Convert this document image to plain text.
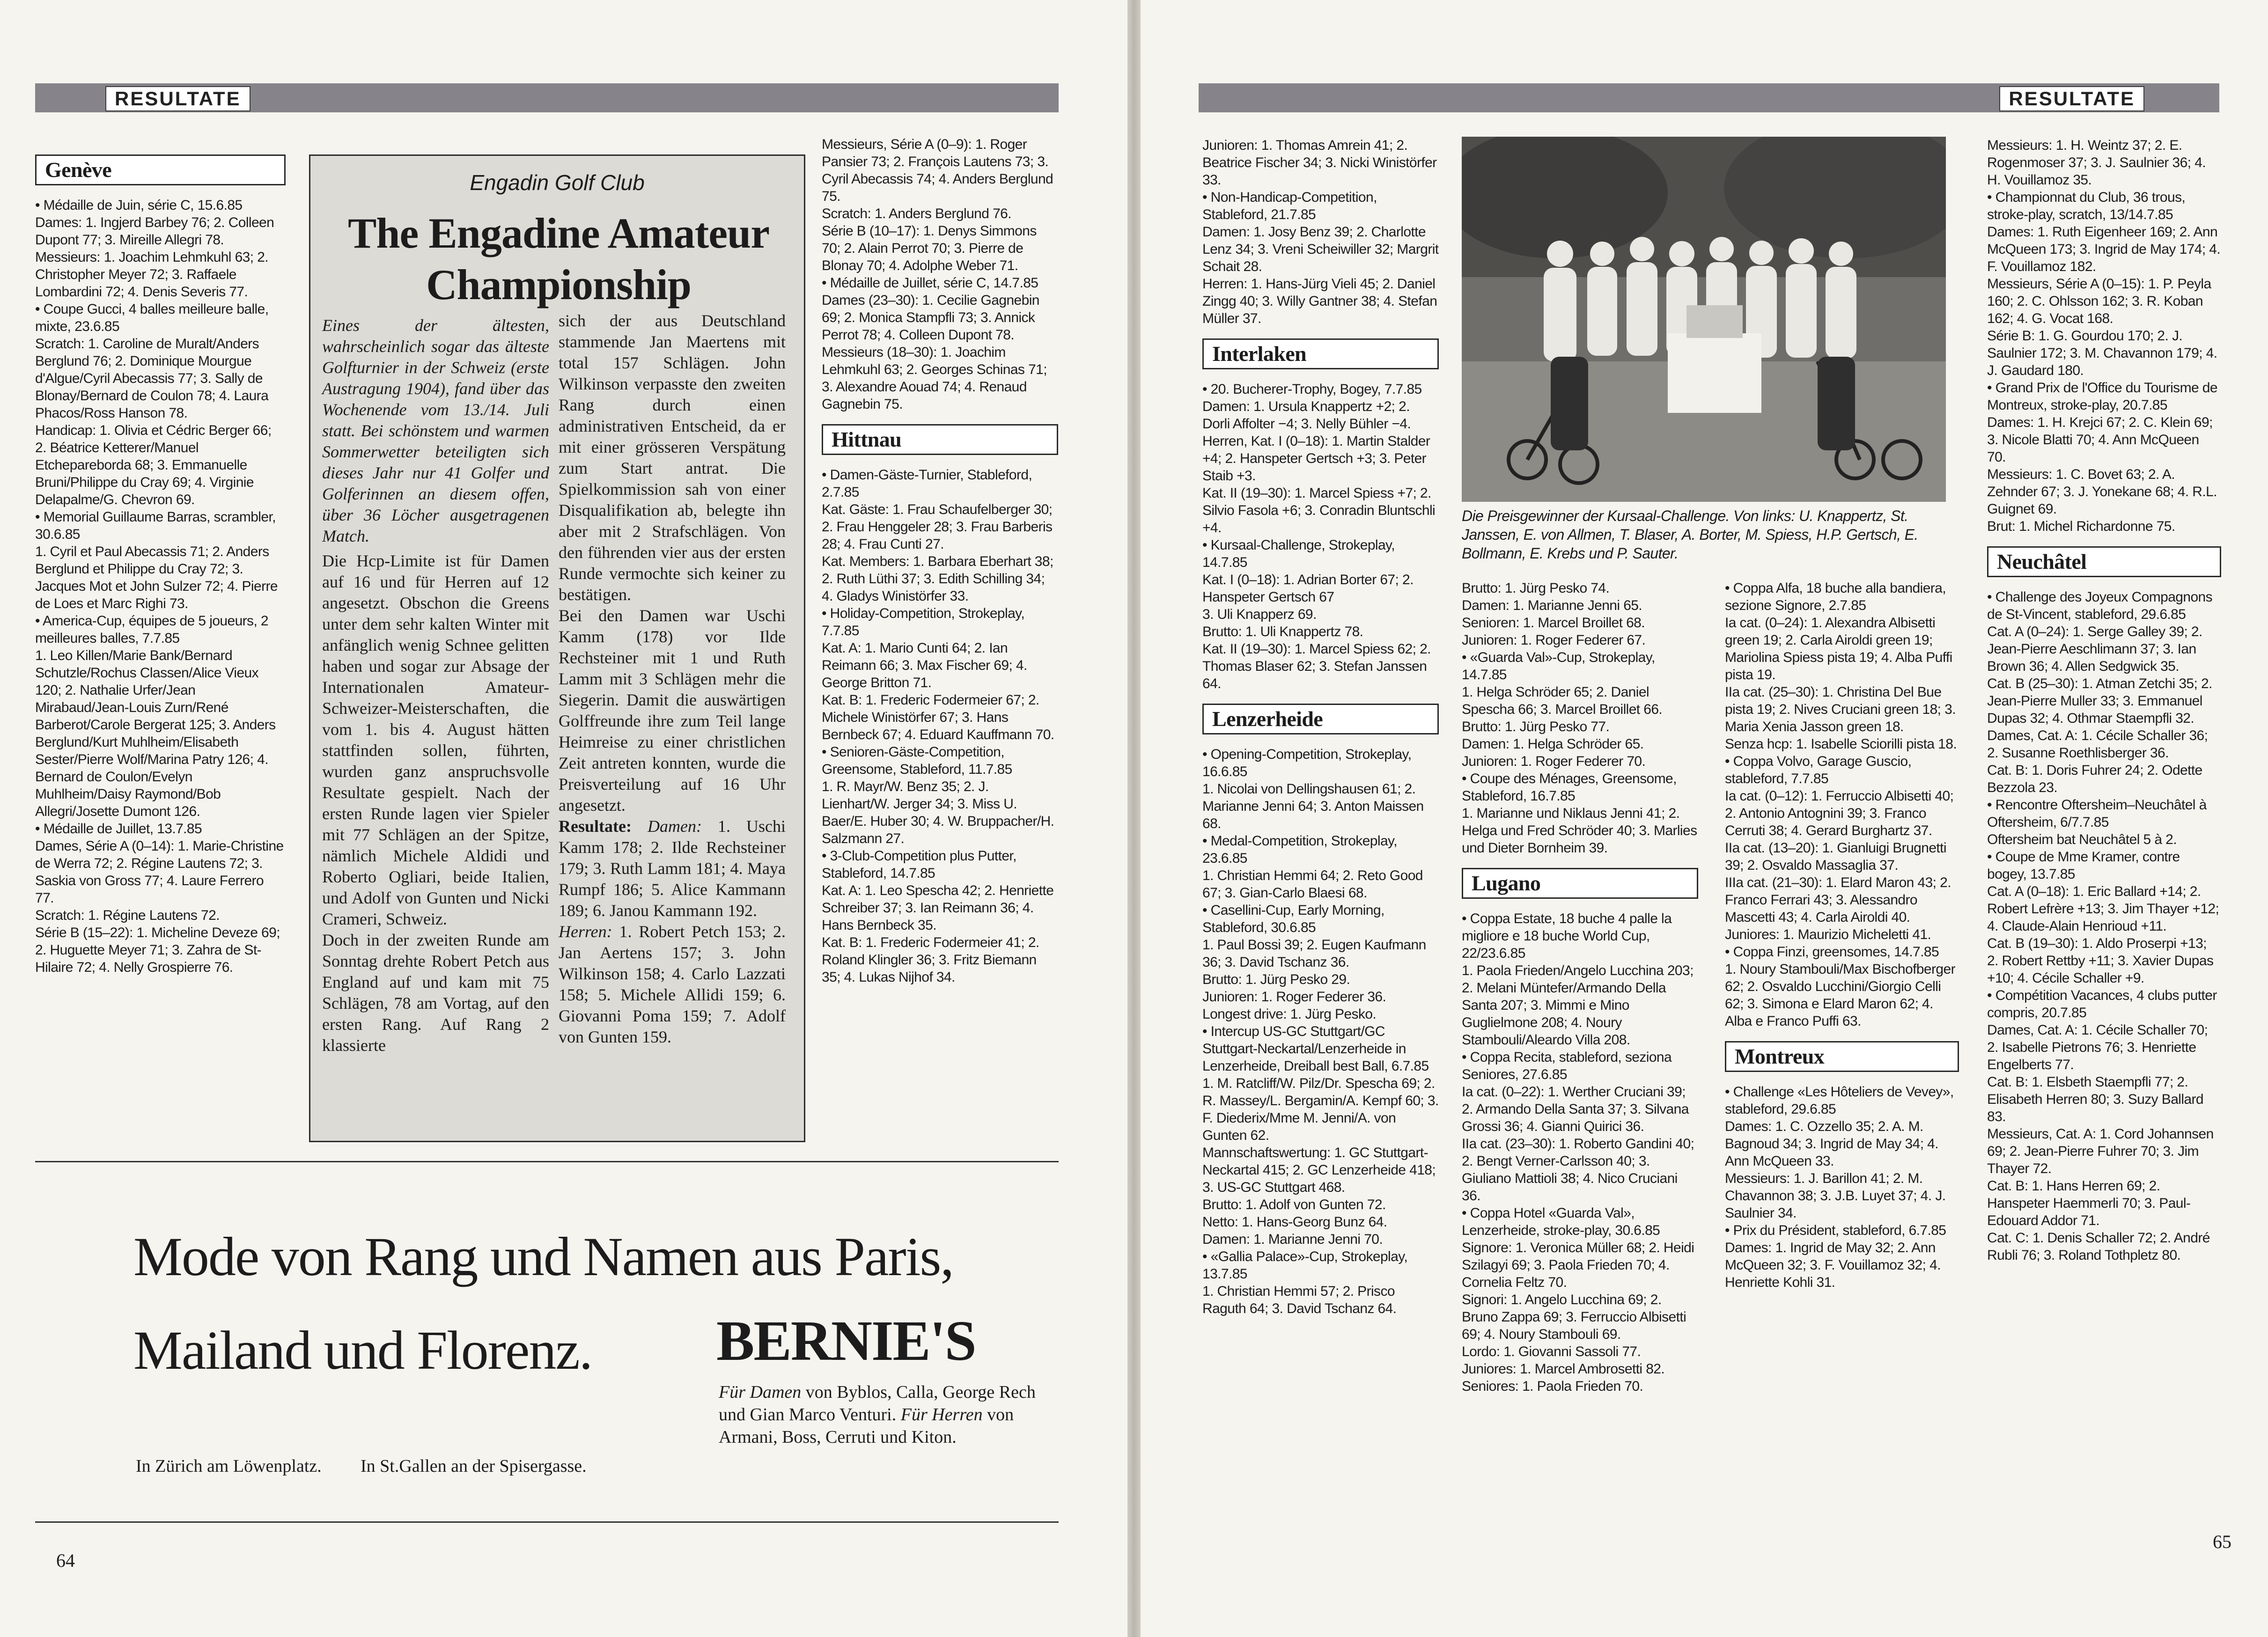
RESULTATE
Genève

• Médaille de Juin, série C, 15.6.85

Dames: 1. Ingjerd Barbey 76; 2. Colleen Dupont 77; 3. Mireille Allegri 78.

Messieurs: 1. Joachim Lehmkuhl 63; 2. Christopher Meyer 72; 3. Raffaele Lombardini 72; 4. Denis Severis 77.

• Coupe Gucci, 4 balles meilleure balle, mixte, 23.6.85

Scratch: 1. Caroline de Muralt/Anders Berglund 76; 2. Dominique Mourgue d'Algue/Cyril Abecassis 77; 3. Sally de Blonay/Bernard de Coulon 78; 4. Laura Phacos/Ross Hanson 78.

Handicap: 1. Olivia et Cédric Berger 66; 2. Béatrice Ketterer/Manuel Etcheparebordа 68; 3. Emmanuelle Bruni/Philippe du Cray 69; 4. Virginie Delapalme/G. Chevron 69.

• Memorial Guillaume Barras, scrambler, 30.6.85

1. Cyril et Paul Abecassis 71; 2. Anders Berglund et Philippe du Cray 72; 3. Jacques Mot et John Sulzer 72; 4. Pierre de Loes et Marc Righi 73.

• America-Cup, équipes de 5 joueurs, 2 meilleures balles, 7.7.85

1. Leo Killen/Marie Bank/Bernard Schutzle/Rochus Classen/Alice Vieux 120; 2. Nathalie Urfer/Jean Mirabaud/Jean-Louis Zurn/René Barberot/Carole Bergerat 125; 3. Anders Berglund/Kurt Muhlheim/Elisabeth Sester/Pierre Wolf/Marina Patry 126; 4. Bernard de Coulon/Evelyn Muhlheim/Daisy Raymond/Bob Allegri/Josette Dumont 126.

• Médaille de Juillet, 13.7.85

Dames, Série A (0–14): 1. Marie-Christine de Werra 72; 2. Régine Lautens 72; 3. Saskia von Gross 77; 4. Laure Ferrero 77.

Scratch: 1. Régine Lautens 72.

Série B (15–22): 1. Micheline Deveze 69; 2. Huguette Meyer 71; 3. Zahra de St-Hilaire 72; 4. Nelly Grospierre 76.

Engadin Golf Club
The Engadine Amateur Championship

Eines der ältesten, wahrscheinlich sogar das älteste Golfturnier in der Schweiz (erste Austragung 1904), fand über das Wochenende vom 13./14. Juli statt. Bei schönstem und warmen Sommerwetter beteiligten sich dieses Jahr nur 41 Golfer und Golferinnen an diesem offen, über 36 Löcher ausgetragenen Match.

Die Hcp-Limite ist für Damen auf 16 und für Herren auf 12 angesetzt. Obschon die Greens unter dem sehr kalten Winter mit anfänglich wenig Schnee gelitten haben und sogar zur Absage der Internationalen Amateur-Schweizer-Meisterschaften, die vom 1. bis 4. August hätten stattfinden sollen, führten, wurden ganz anspruchsvolle Resultate gespielt. Nach der ersten Runde lagen vier Spieler mit 77 Schlägen an der Spitze, nämlich Michele Aldidi und Roberto Ogliari, beide Italien, und Adolf von Gunten und Nicki Crameri, Schweiz.

Doch in der zweiten Runde am Sonntag drehte Robert Petch aus England auf und kam mit 75 Schlägen, 78 am Vortag, auf den ersten Rang. Auf Rang 2 klassierte

sich der aus Deutschland stammende Jan Maertens mit total 157 Schlägen. John Wilkinson verpasste den zweiten Rang durch einen administrativen Entscheid, da er mit einer grösseren Verspätung zum Start antrat. Die Spielkommission sah von einer Disqualifikation ab, belegte ihn aber mit 2 Strafschlägen. Von den führenden vier aus der ersten Runde vermochte sich keiner zu bestätigen.

Bei den Damen war Uschi Kamm (178) vor Ilde Rechsteiner mit 1 und Ruth Lamm mit 3 Schlägen mehr die Siegerin. Damit die auswärtigen Golffreunde ihre zum Teil lange Heimreise zu einer christlichen Zeit antreten konnten, wurde die Preisverteilung auf 16 Uhr angesetzt.

Resultate: Damen: 1. Uschi Kamm 178; 2. Ilde Rechsteiner 179; 3. Ruth Lamm 181; 4. Maya Rumpf 186; 5. Alice Kammann 189; 6. Janou Kammann 192.

Herren: 1. Robert Petch 153; 2. Jan Aertens 157; 3. John Wilkinson 158; 4. Carlo Lazzati 158; 5. Michele Allidi 159; 6. Giovanni Poma 159; 7. Adolf von Gunten 159.

Messieurs, Série A (0–9): 1. Roger Pansier 73; 2. François Lautens 73; 3. Cyril Abecassis 74; 4. Anders Berglund 75.

Scratch: 1. Anders Berglund 76.

Série B (10–17): 1. Denys Simmons 70; 2. Alain Perrot 70; 3. Pierre de Blonay 70; 4. Adolphe Weber 71.

• Médaille de Juillet, série C, 14.7.85

Dames (23–30): 1. Cecilie Gagnebin 69; 2. Monica Stampfli 73; 3. Annick Perrot 78; 4. Colleen Dupont 78.

Messieurs (18–30): 1. Joachim Lehmkuhl 63; 2. Georges Schinas 71; 3. Alexandre Aouad 74; 4. Renaud Gagnebin 75.

Hittnau

• Damen-Gäste-Turnier, Stableford, 2.7.85

Kat. Gäste: 1. Frau Schaufelberger 30; 2. Frau Henggeler 28; 3. Frau Barberis 28; 4. Frau Cunti 27.

Kat. Members: 1. Barbara Eberhart 38; 2. Ruth Lüthi 37; 3. Edith Schilling 34; 4. Gladys Winistörfer 33.

• Holiday-Competition, Strokeplay, 7.7.85

Kat. A: 1. Mario Cunti 64; 2. Ian Reimann 66; 3. Max Fischer 69; 4. George Britton 71.

Kat. B: 1. Frederic Fodermeier 67; 2. Michele Winistörfer 67; 3. Hans Bernbeck 67; 4. Eduard Kauffmann 70.

• Senioren-Gäste-Competition, Greensome, Stableford, 11.7.85

1. R. Mayr/W. Benz 35; 2. J. Lienhart/W. Jerger 34; 3. Miss U. Baer/E. Huber 30; 4. W. Bruppacher/H. Salzmann 27.

• 3-Club-Competition plus Putter, Stableford, 14.7.85

Kat. A: 1. Leo Spescha 42; 2. Henriette Schreiber 37; 3. Ian Reimann 36; 4. Hans Bernbeck 35.

Kat. B: 1. Frederic Fodermeier 41; 2. Roland Klingler 36; 3. Fritz Biemann 35; 4. Lukas Nijhof 34.

Mode von Rang und Namen aus Paris,
Mailand und Florenz. BERNIE'S
Für Damen von Byblos, Calla, George Rech und Gian Marco Venturi. Für Herren von Armani, Boss, Cerruti und Kiton.
In Zürich am Löwenplatz. In St.Gallen an der Spisergasse.
64
RESULTATE

Junioren: 1. Thomas Amrein 41; 2. Beatrice Fischer 34; 3. Nicki Winistörfer 33.

• Non-Handicap-Competition, Stableford, 21.7.85

Damen: 1. Josy Benz 39; 2. Charlotte Lenz 34; 3. Vreni Scheiwiller 32; Margrit Schait 28.

Herren: 1. Hans-Jürg Vieli 45; 2. Daniel Zingg 40; 3. Willy Gantner 38; 4. Stefan Müller 37.

Interlaken

• 20. Bucherer-Trophy, Bogey, 7.7.85

Damen: 1. Ursula Knappertz +2; 2. Dorli Affolter −4; 3. Nelly Bühler −4.

Herren, Kat. I (0–18): 1. Martin Stalder +4; 2. Hanspeter Gertsch +3; 3. Peter Staib +3.

Kat. II (19–30): 1. Marcel Spiess +7; 2. Silvio Fasola +6; 3. Conradin Bluntschli +4.

• Kursaal-Challenge, Strokeplay, 14.7.85

Kat. I (0–18): 1. Adrian Borter 67; 2. Hanspeter Gertsch 67

3. Uli Knapperz 69.

Brutto: 1. Uli Knappertz 78.

Kat. II (19–30): 1. Marcel Spiess 62; 2. Thomas Blaser 62; 3. Stefan Janssen 64.

Lenzerheide

• Opening-Competition, Strokeplay, 16.6.85

1. Nicolai von Dellingshausen 61; 2. Marianne Jenni 64; 3. Anton Maissen 68.

• Medal-Competition, Strokeplay, 23.6.85

1. Christian Hemmi 64; 2. Reto Good 67; 3. Gian-Carlo Blaesi 68.

• Casellini-Cup, Early Morning, Stableford, 30.6.85

1. Paul Bossi 39; 2. Eugen Kaufmann 36; 3. David Tschanz 36.

Brutto: 1. Jürg Pesko 29.

Junioren: 1. Roger Federer 36.

Longest drive: 1. Jürg Pesko.

• Intercup US-GC Stuttgart/GC Stuttgart-Neckartal/Lenzerheide in Lenzerheide, Dreiball best Ball, 6.7.85

1. M. Ratcliff/W. Pilz/Dr. Spescha 69; 2. R. Massey/L. Bergamin/A. Kempf 60; 3. F. Diederix/Mme M. Jenni/A. von Gunten 62.

Mannschaftswertung: 1. GC Stuttgart-Neckartal 415; 2. GC Lenzerheide 418; 3. US-GC Stuttgart 468.

Brutto: 1. Adolf von Gunten 72.

Netto: 1. Hans-Georg Bunz 64.

Damen: 1. Marianne Jenni 70.

• «Gallia Palace»-Cup, Strokeplay, 13.7.85

1. Christian Hemmi 57; 2. Prisco Raguth 64; 3. David Tschanz 64.

Die Preisgewinner der Kursaal-Challenge. Von links: U. Knappertz, St. Janssen, E. von Allmen, T. Blaser, A. Borter, M. Spiess, H.P. Gertsch, E. Bollmann, E. Krebs und P. Sauter.

Brutto: 1. Jürg Pesko 74.

Damen: 1. Marianne Jenni 65.

Senioren: 1. Marcel Broillet 68.

Junioren: 1. Roger Federer 67.

• «Guarda Val»-Cup, Strokeplay, 14.7.85

1. Helga Schröder 65; 2. Daniel Spescha 66; 3. Marcel Broillet 66.

Brutto: 1. Jürg Pesko 77.

Damen: 1. Helga Schröder 65.

Junioren: 1. Roger Federer 70.

• Coupe des Ménages, Greensome, Stableford, 16.7.85

1. Marianne und Niklaus Jenni 41; 2. Helga und Fred Schröder 40; 3. Marlies und Dieter Bornheim 39.

Lugano

• Coppa Estate, 18 buche 4 palle la migliore e 18 buche World Cup, 22/23.6.85

1. Paola Frieden/Angelo Lucchina 203; 2. Melani Müntefer/Armando Della Santa 207; 3. Mimmi e Mino Guglielmone 208; 4. Noury Stambouli/Aleardo Villa 208.

• Coppa Recita, stableford, seziona Seniores, 27.6.85

Ia cat. (0–22): 1. Werther Cruciani 39; 2. Armando Della Santa 37; 3. Silvana Grossi 36; 4. Gianni Quirici 36.

IIa cat. (23–30): 1. Roberto Gandini 40; 2. Bengt Verner-Carlsson 40; 3. Giuliano Mattioli 38; 4. Nico Cruciani 36.

• Coppa Hotel «Guarda Val», Lenzerheide, stroke-play, 30.6.85

Signore: 1. Veronica Müller 68; 2. Heidi Szilagyi 69; 3. Paola Frieden 70; 4. Cornelia Feltz 70.

Signori: 1. Angelo Lucchina 69; 2. Bruno Zappa 69; 3. Ferruccio Albisetti 69; 4. Noury Stambouli 69.

Lordo: 1. Giovanni Sassoli 77.

Juniores: 1. Marcel Ambrosetti 82.

Seniores: 1. Paola Frieden 70.

• Coppa Alfa, 18 buche alla bandiera, sezione Signore, 2.7.85

Ia cat. (0–24): 1. Alexandra Albisetti green 19; 2. Carla Airoldi green 19; Mariolina Spiess pista 19; 4. Alba Puffi pista 19.

IIa cat. (25–30): 1. Christina Del Bue pista 19; 2. Nives Cruciani green 18; 3. Maria Xenia Jasson green 18.

Senza hcp: 1. Isabelle Sciorilli pista 18.

• Coppa Volvo, Garage Guscio, stableford, 7.7.85

Ia cat. (0–12): 1. Ferruccio Albisetti 40; 2. Antonio Antognini 39; 3. Franco Cerruti 38; 4. Gerard Burghartz 37.

IIa cat. (13–20): 1. Gianluigi Brugnetti 39; 2. Osvaldo Massaglia 37.

IIIa cat. (21–30): 1. Elard Maron 43; 2. Franco Ferrari 43; 3. Alessandro Mascetti 43; 4. Carla Airoldi 40.

Juniores: 1. Maurizio Micheletti 41.

• Coppa Finzi, greensomes, 14.7.85

1. Noury Stambouli/Max Bischofberger 62; 2. Osvaldo Lucchini/Giorgio Celli 62; 3. Simona e Elard Maron 62; 4. Alba e Franco Puffi 63.

Montreux

• Challenge «Les Hôteliers de Vevey», stableford, 29.6.85

Dames: 1. C. Ozzello 35; 2. A. M. Bagnoud 34; 3. Ingrid de May 34; 4. Ann McQueen 33.

Messieurs: 1. J. Barillon 41; 2. M. Chavannon 38; 3. J.B. Luyet 37; 4. J. Saulnier 34.

• Prix du Président, stableford, 6.7.85

Dames: 1. Ingrid de May 32; 2. Ann McQueen 32; 3. F. Vouillamoz 32; 4. Henriette Kohli 31.

Messieurs: 1. H. Weintz 37; 2. E. Rogenmoser 37; 3. J. Saulnier 36; 4. H. Vouillamoz 35.

• Championnat du Club, 36 trous, stroke-play, scratch, 13/14.7.85

Dames: 1. Ruth Eigenheer 169; 2. Ann McQueen 173; 3. Ingrid de May 174; 4. F. Vouillamoz 182.

Messieurs, Série A (0–15): 1. P. Peyla 160; 2. C. Ohlsson 162; 3. R. Koban 162; 4. G. Vocat 168.

Série B: 1. G. Gourdou 170; 2. J. Saulnier 172; 3. M. Chavannon 179; 4. J. Gaudard 180.

• Grand Prix de l'Office du Tourisme de Montreux, stroke-play, 20.7.85

Dames: 1. H. Krejci 67; 2. C. Klein 69; 3. Nicole Blatti 70; 4. Ann McQueen 70.

Messieurs: 1. C. Bovet 63; 2. A. Zehnder 67; 3. J. Yonekane 68; 4. R.L. Guignet 69.

Brut: 1. Michel Richardonne 75.

Neuchâtel

• Challenge des Joyeux Compagnons de St-Vincent, stableford, 29.6.85

Cat. A (0–24): 1. Serge Galley 39; 2. Jean-Pierre Aeschlimann 37; 3. Ian Brown 36; 4. Allen Sedgwick 35.

Cat. B (25–30): 1. Atman Zetchi 35; 2. Jean-Pierre Muller 33; 3. Emmanuel Dupas 32; 4. Othmar Staempfli 32.

Dames, Cat. A: 1. Cécile Schaller 36; 2. Susanne Roethlisberger 36.

Cat. B: 1. Doris Fuhrer 24; 2. Odette Bezzola 23.

• Rencontre Oftersheim–Neuchâtel à Oftersheim, 6/7.7.85

Oftersheim bat Neuchâtel 5 à 2.

• Coupe de Mme Kramer, contre bogey, 13.7.85

Cat. A (0–18): 1. Eric Ballard +14; 2. Robert Lefrère +13; 3. Jim Thayer +12; 4. Claude-Alain Henrioud +11.

Cat. B (19–30): 1. Aldo Proserpi +13; 2. Robert Rettby +11; 3. Xavier Dupas +10; 4. Cécile Schaller +9.

• Compétition Vacances, 4 clubs putter compris, 20.7.85

Dames, Cat. A: 1. Cécile Schaller 70; 2. Isabelle Pietrons 76; 3. Henriette Engelberts 77.

Cat. B: 1. Elsbeth Staempfli 77; 2. Elisabeth Herren 80; 3. Suzy Ballard 83.

Messieurs, Cat. A: 1. Cord Johannsen 69; 2. Jean-Pierre Fuhrer 70; 3. Jim Thayer 72.

Cat. B: 1. Hans Herren 69; 2. Hanspeter Haemmerli 70; 3. Paul-Edouard Addor 71.

Cat. C: 1. Denis Schaller 72; 2. André Rubli 76; 3. Roland Tothpletz 80.

65
